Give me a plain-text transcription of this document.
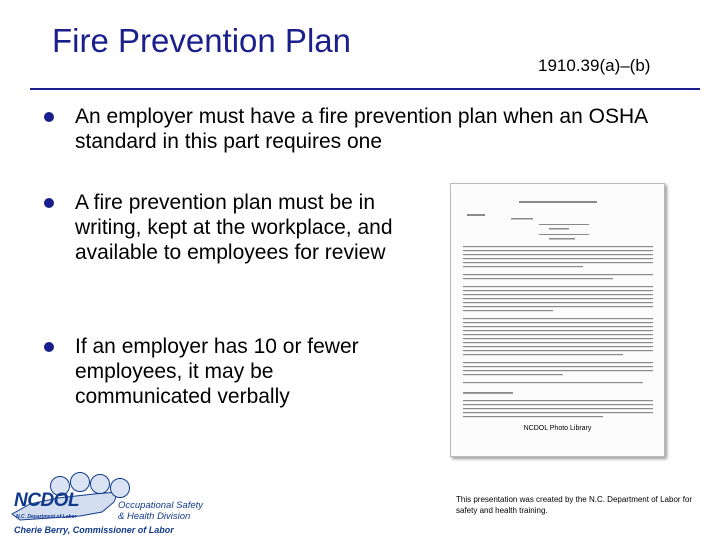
Fire Prevention Plan
1910.39(a)–(b)
An employer must have a fire prevention plan when an OSHA standard in this part requires one
A fire prevention plan must be in writing, kept at the workplace, and available to employees for review
If an employer has 10 or fewer employees, it may be communicated verbally
NCDOL Photo Library
NCDOL
N.C. Department of Labor
Cherie Berry, Commissioner of Labor
Occupational Safety
& Health Division
This presentation was created by the N.C. Department of Labor for safety and health training.
